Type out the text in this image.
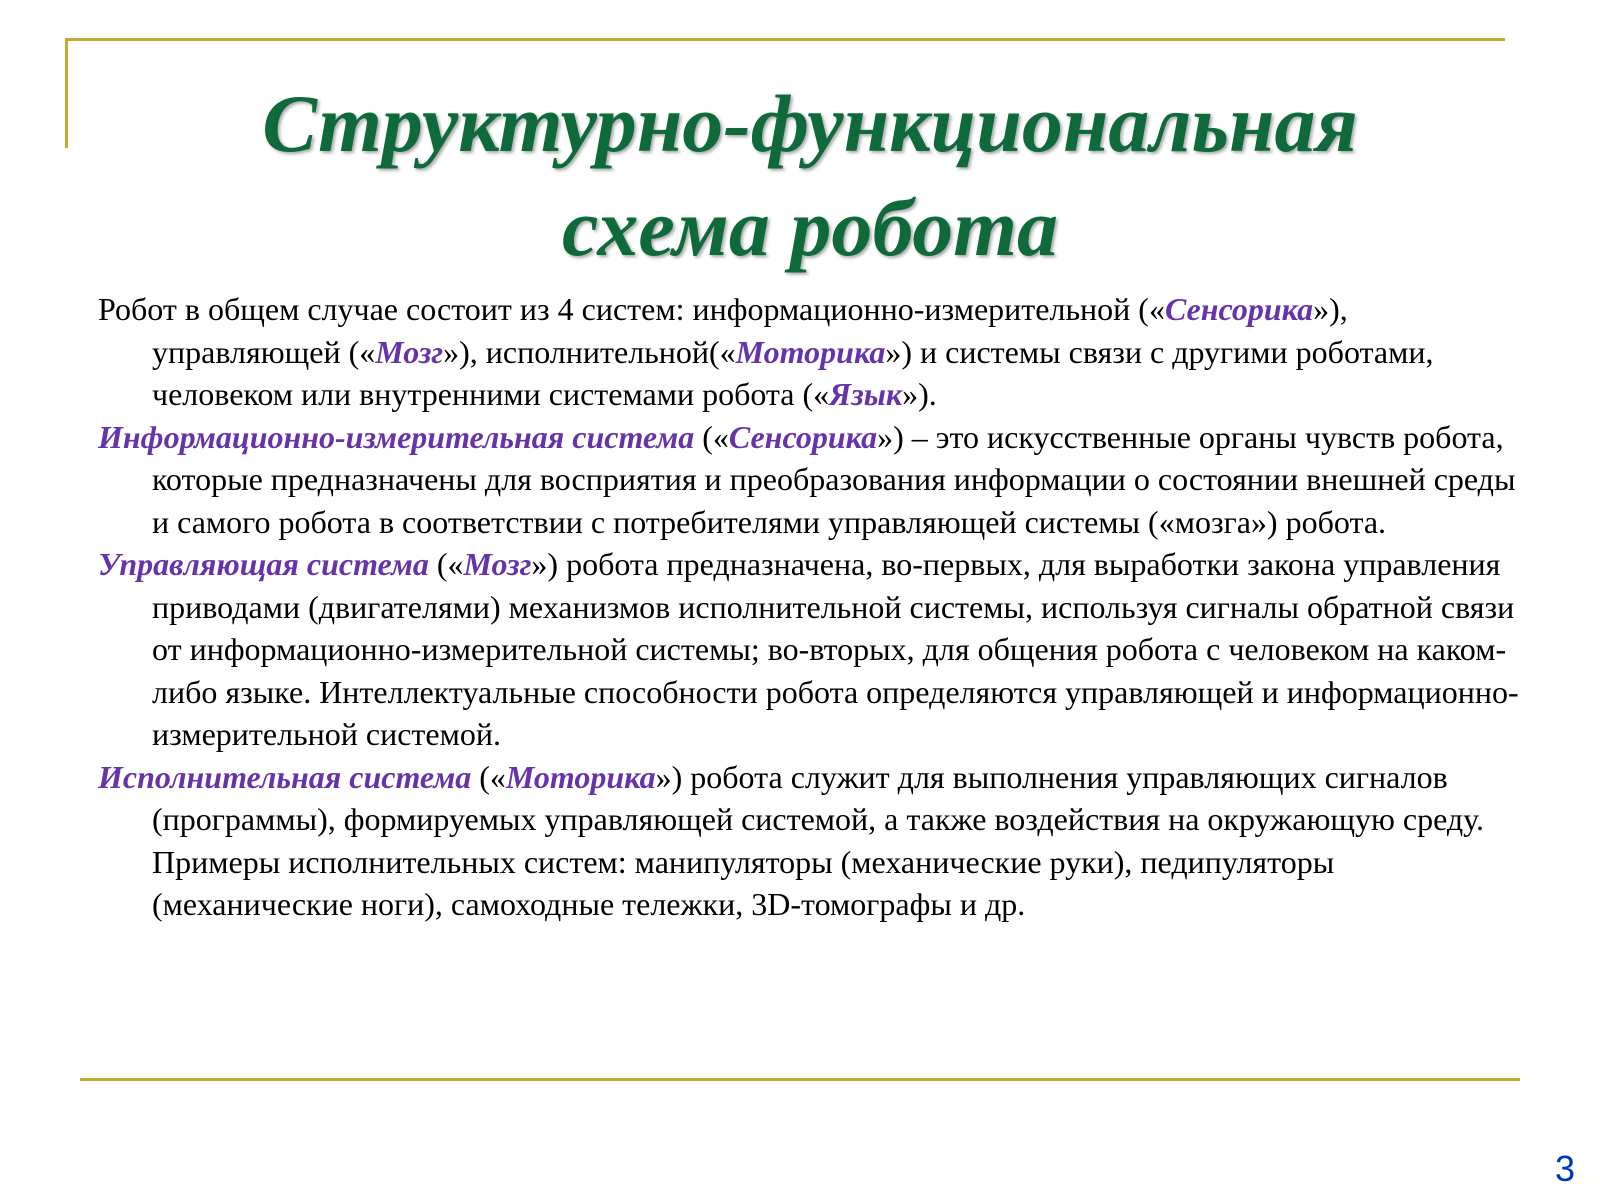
Структурно-функциональная
схема робота

Робот в общем случае состоит из 4 систем: информационно-измерительной («Сенсорика»), управляющей («Мозг»), исполнительной(«Моторика») и системы связи с другими роботами, человеком или внутренними системами робота («Язык»).

Информационно-измерительная система («Сенсорика») – это искусственные органы чувств робота, которые предназначены для восприятия и преобразования информации о состоянии внешней среды и самого робота в соответствии с потребителями управляющей системы («мозга») робота.

Управляющая система («Мозг») робота предназначена, во-первых, для выработки закона управления приводами (двигателями) механизмов исполнительной системы, используя сигналы обратной связи от информационно-измерительной системы; во-вторых, для общения робота с человеком на каком-либо языке. Интеллектуальные способности робота определяются управляющей и информационно-измерительной системой.

Исполнительная система («Моторика») робота служит для выполнения управляющих сигналов (программы), формируемых управляющей системой, а также воздействия на окружающую среду. Примеры исполнительных систем: манипуляторы (механические руки), педипуляторы (механические ноги), самоходные тележки, 3D-томографы и др.

3
